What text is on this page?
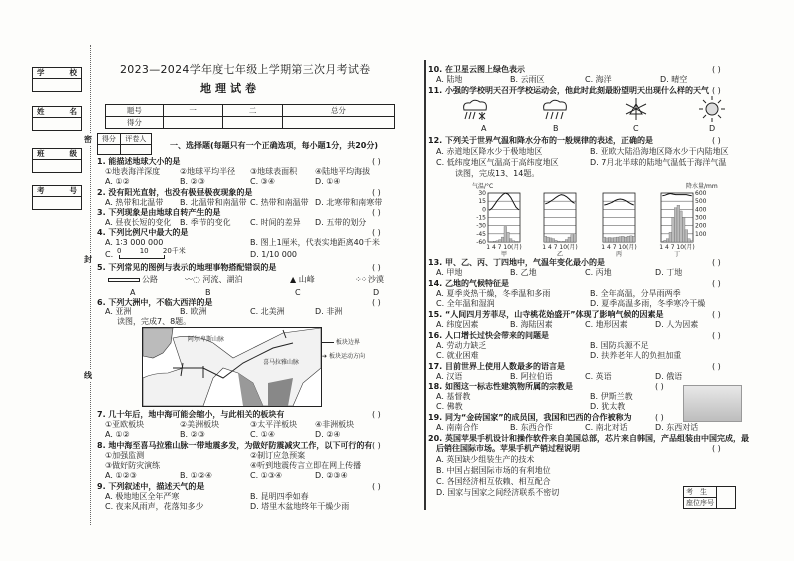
学	校
姓	名
班	级
考	号
密
封
线
2023—2024学年度七年级上学期第三次月考试卷
地理试卷
题号	一	二	总分
得分			
得分	评卷人

一、选择题(每题只有一个正确选项，每小题1分，共20分)
1. 能描述地球大小的是	( )
①地表海洋深度 ②地球平均半径 ③地球表面积 ④陆地平均海拔
A. ①②	B. ②③	C. ③④	D. ①④
2. 没有阳光直射，也没有极昼极夜现象的是	( )
A. 热带和北温带 B. 北温带和南温带 C. 热带和南温带 D. 北寒带和南寒带
3. 下列现象是由地球自转产生的是	( )
A. 昼夜长短的变化 B. 季节的变化 C. 时间的差异 D. 五带的划分
4. 下列比例尺中最大的是	( )
A. 1∶3 000 000	B. 图上1厘米，代表实地距离40千米
C. 0	10 20千米	D. 1/10 000
5. 下列常见的图例与表示的地理事物搭配错误的是	( )
公路	〰◌ 河流、湖泊	▲ 山峰	⁘⁘ 沙漠
A	B	C	D
6. 下列大洲中，不临大西洋的是	( )
A. 亚洲	B. 欧洲	C. 北美洲	D. 非洲
读图，完成7、8题。
喜马拉雅山脉
阿尔卑斯山脉	板块边界
➔ 板块运动方向
7. 几十年后，地中海可能会缩小，与此相关的板块有	( )
①亚欧板块	②美洲板块	③太平洋板块 ④非洲板块
A. ①②	B. ②③	C. ①④	D. ②④
8. 地中海至喜马拉雅山脉一带地震多发，为做好防震减灾工作，以下可行的有 ( )
①加强监测	②制订应急预案
③做好防灾演练	④听到地震传言立即在网上传播
A. ①②③	B. ①②④	C. ①③④	D. ②③④
9. 下列叙述中，描述天气的是	( )
A. 极地地区全年严寒	B. 昆明四季如春
C. 夜来风雨声，花落知多少	D. 塔里木盆地终年干燥少雨
10. 在卫星云图上绿色表示	( )
A. 陆地	B. 云雨区	C. 海洋	D. 晴空
11. 小强的学校明天召开学校运动会，他此时此刻最盼望明天出现什么样的天气 ( )
A	B	C	D
12. 下列关于世界气温和降水分布的一般规律的表述，正确的是	( )
A. 赤道地区降水少于极地地区	B. 亚欧大陆沿海地区降水少于内陆地区
C. 低纬度地区气温高于高纬度地区	D. 7月北半球的陆地气温低于海洋气温
读图，完成13、14题。
气温/°C	降水量/mm
30
15
0
-15
-30
-45
-60
600
500
400
300
200
100
1 4 7 10(月)
甲
1 4 7 10(月)
乙
1 4 7 10(月)
丙
1 4 7 10(月)
丁
13. 甲、乙、丙、丁四地中，气温年变化最小的是	( )
A. 甲地	B. 乙地	C. 丙地	D. 丁地
14. 乙地的气候特征是	( )
A. 夏季炎热干燥，冬季温和多雨	B. 全年高温，分旱雨两季
C. 全年温和湿润	D. 夏季高温多雨，冬季寒冷干燥
15. “人间四月芳菲尽，山寺桃花始盛开”体现了影响气候的因素是	( )
A. 纬度因素	B. 海陆因素	C. 地形因素	D. 人为因素
16. 人口增长过快会带来的问题是	( )
A. 劳动力缺乏	B. 国防兵源不足
C. 就业困难	D. 扶养老年人的负担加重
17. 目前世界上使用人数最多的语言是	( )
A. 汉语	B. 阿拉伯语	C. 英语	D. 俄语
18. 如图这一标志性建筑物所属的宗教是	( )
A. 基督教	B. 伊斯兰教
C. 佛教	D. 犹太教
19. 同为“金砖国家”的成员国，我国和巴西的合作被称为	( )
A. 南南合作	B. 东西合作	C. 南北对话	D. 东西对话
20. 英国苹果手机设计和操作软件来自美国总部，芯片来自韩国，产品组装由中国完成，最
后销往国际市场。苹果手机产销过程说明	( )
A. 英国缺少组装生产的技术
B. 中国占据国际市场的有利地位
C. 各国经济相互依赖、相互配合
D. 国家与国家之间经济联系不密切	考　生	
座位序号
